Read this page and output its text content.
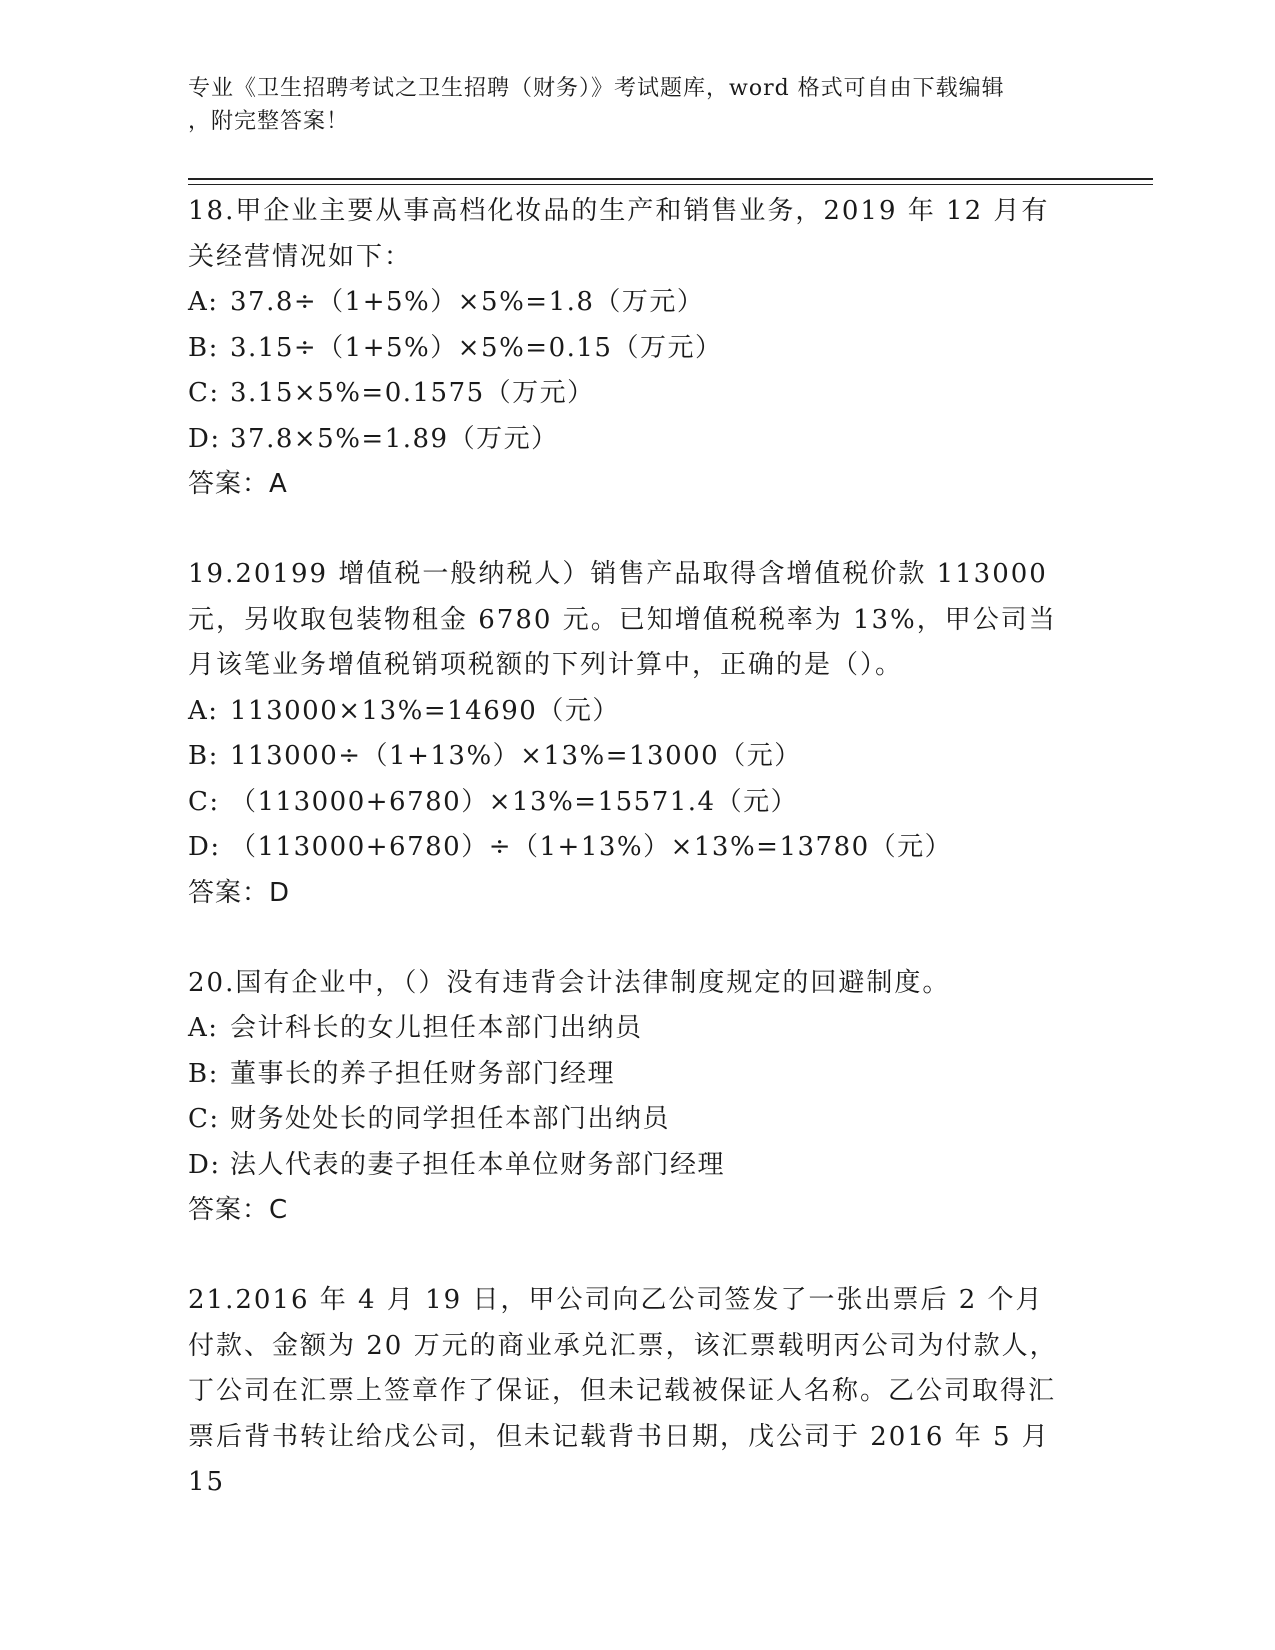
专业《卫生招聘考试之卫生招聘（财务）》考试题库，word 格式可自由下载编辑
，附完整答案！
18.甲企业主要从事高档化妆品的生产和销售业务，2019 年 12 月有关经营情况如下：
A: 37.8÷（1+5%）×5%=1.8（万元）
B: 3.15÷（1+5%）×5%=0.15（万元）
C: 3.15×5%=0.1575（万元）
D: 37.8×5%=1.89（万元）
答案：A
19.20199 增值税一般纳税人）销售产品取得含增值税价款 113000 元，另收取包装物租金 6780 元。已知增值税税率为 13%，甲公司当月该笔业务增值税销项税额的下列计算中，正确的是（）。
A: 113000×13%=14690（元）
B: 113000÷（1+13%）×13%=13000（元）
C: （113000+6780）×13%=15571.4（元）
D: （113000+6780）÷（1+13%）×13%=13780（元）
答案：D
20.国有企业中，（）没有违背会计法律制度规定的回避制度。
A: 会计科长的女儿担任本部门出纳员
B: 董事长的养子担任财务部门经理
C: 财务处处长的同学担任本部门出纳员
D: 法人代表的妻子担任本单位财务部门经理
答案：C
21.2016 年 4 月 19 日，甲公司向乙公司签发了一张出票后 2 个月付款、金额为 20 万元的商业承兑汇票，该汇票载明丙公司为付款人，丁公司在汇票上签章作了保证，但未记载被保证人名称。乙公司取得汇票后背书转让给戊公司，但未记载背书日期，戊公司于 2016 年 5 月 15
